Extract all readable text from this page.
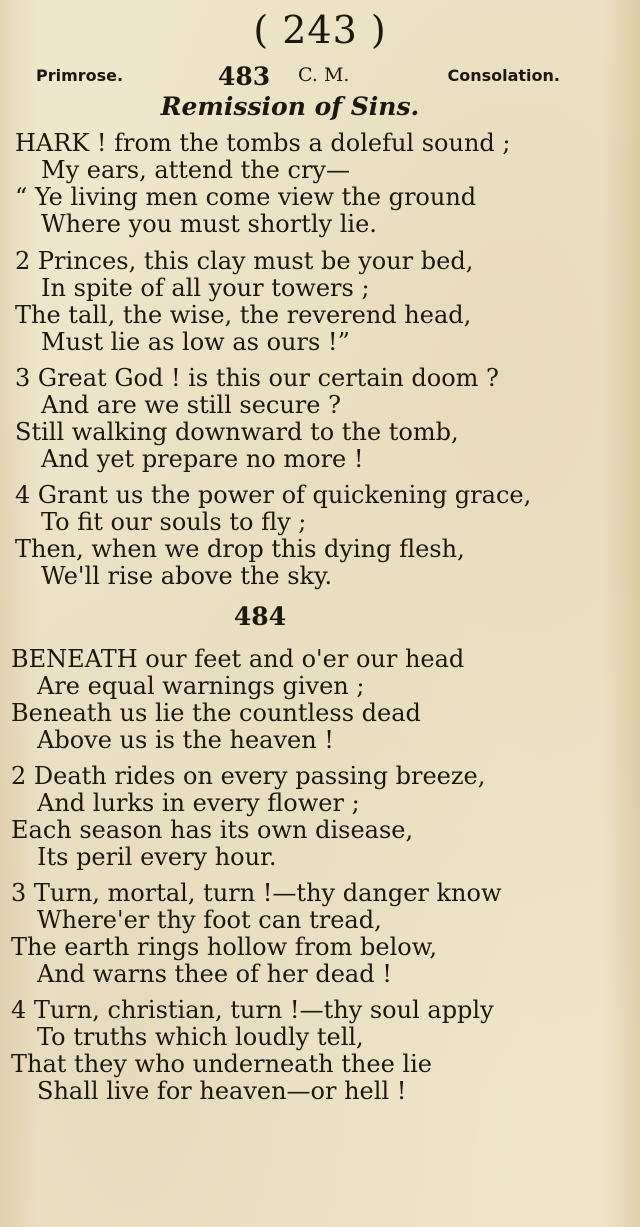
( 243 )
Primrose.	483 C. M.	Consolation.
Remission of Sins.
HARK ! from the tombs a doleful sound ;
My ears, attend the cry—
“ Ye living men come view the ground
Where you must shortly lie.
2 Princes, this clay must be your bed,
In spite of all your towers ;
The tall, the wise, the reverend head,
Must lie as low as ours !”
3 Great God ! is this our certain doom ?
And are we still secure ?
Still walking downward to the tomb,
And yet prepare no more !
4 Grant us the power of quickening grace,
To fit our souls to fly ;
Then, when we drop this dying flesh,
We'll rise above the sky.
484
BENEATH our feet and o'er our head
Are equal warnings given ;
Beneath us lie the countless dead
Above us is the heaven !
2 Death rides on every passing breeze,
And lurks in every flower ;
Each season has its own disease,
Its peril every hour.
3 Turn, mortal, turn !—thy danger know
Where'er thy foot can tread,
The earth rings hollow from below,
And warns thee of her dead !
4 Turn, christian, turn !—thy soul apply
To truths which loudly tell,
That they who underneath thee lie
Shall live for heaven—or hell !
